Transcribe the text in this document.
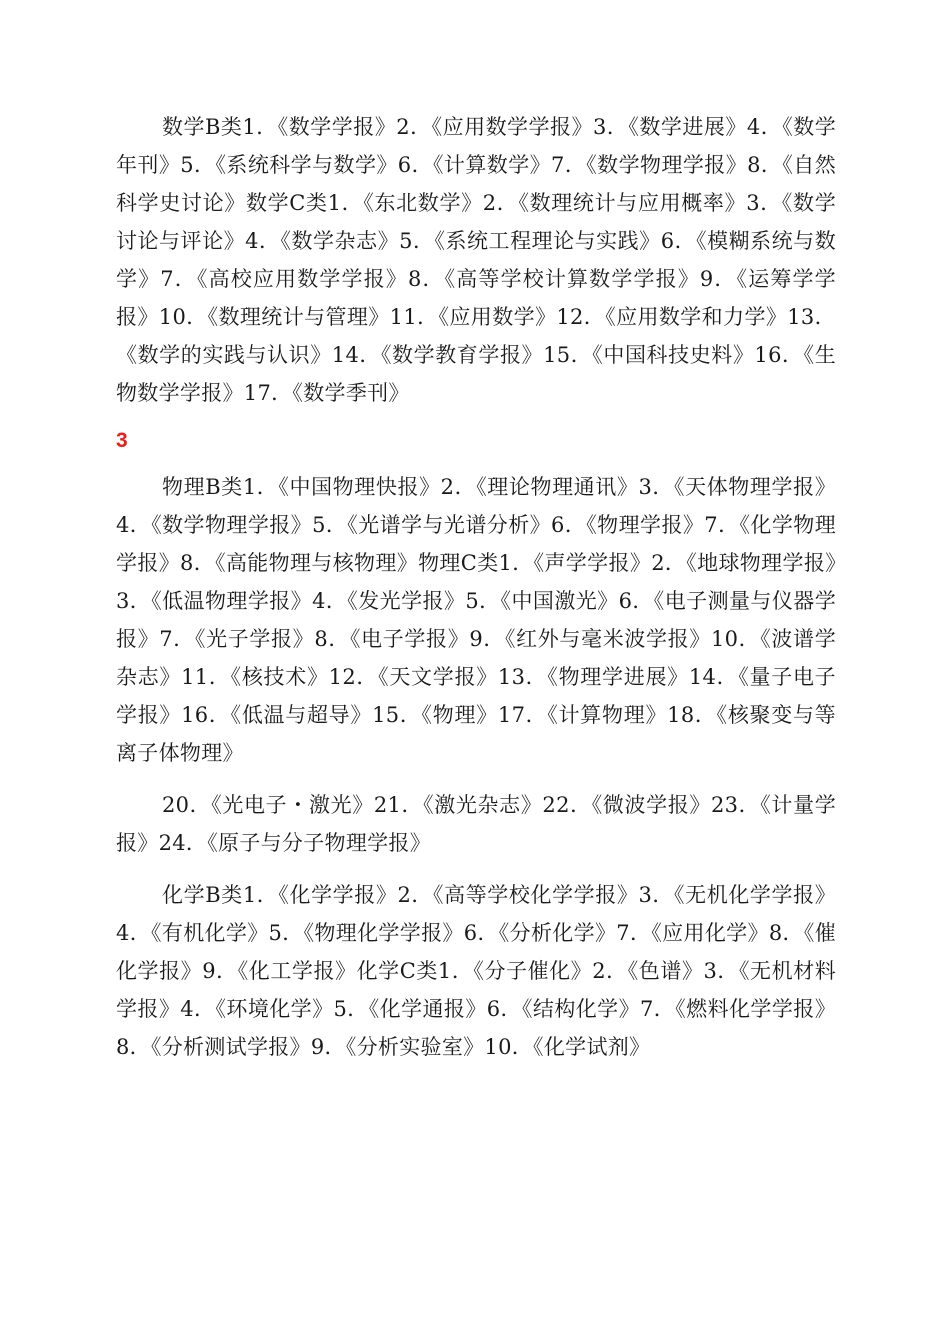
数学B类1．《数学学报》2．《应用数学学报》3．《数学进展》4．《数学年刊》5．《系统科学与数学》6．《计算数学》7．《数学物理学报》8．《自然科学史讨论》数学C类1．《东北数学》2．《数理统计与应用概率》3．《数学讨论与评论》4．《数学杂志》5．《系统工程理论与实践》6．《模糊系统与数学》7．《高校应用数学学报》8．《高等学校计算数学学报》9．《运筹学学报》10．《数理统计与管理》11．《应用数学》12．《应用数学和力学》13．《数学的实践与认识》14．《数学教育学报》15．《中国科技史料》16．《生物数学学报》17．《数学季刊》

3

物理B类1．《中国物理快报》2．《理论物理通讯》3．《天体物理学报》4．《数学物理学报》5．《光谱学与光谱分析》6．《物理学报》7．《化学物理学报》8．《高能物理与核物理》物理C类1．《声学学报》2．《地球物理学报》3．《低温物理学报》4．《发光学报》5．《中国激光》6．《电子测量与仪器学报》7．《光子学报》8．《电子学报》9．《红外与毫米波学报》10．《波谱学杂志》11．《核技术》12．《天文学报》13．《物理学进展》14．《量子电子学报》16．《低温与超导》15．《物理》17．《计算物理》18．《核聚变与等离子体物理》

20．《光电子・激光》21．《激光杂志》22．《微波学报》23．《计量学报》24．《原子与分子物理学报》

化学B类1．《化学学报》2．《高等学校化学学报》3．《无机化学学报》4．《有机化学》5．《物理化学学报》6．《分析化学》7．《应用化学》8．《催化学报》9．《化工学报》化学C类1．《分子催化》2．《色谱》3．《无机材料学报》4．《环境化学》5．《化学通报》6．《结构化学》7．《燃料化学学报》8．《分析测试学报》9．《分析实验室》10．《化学试剂》
